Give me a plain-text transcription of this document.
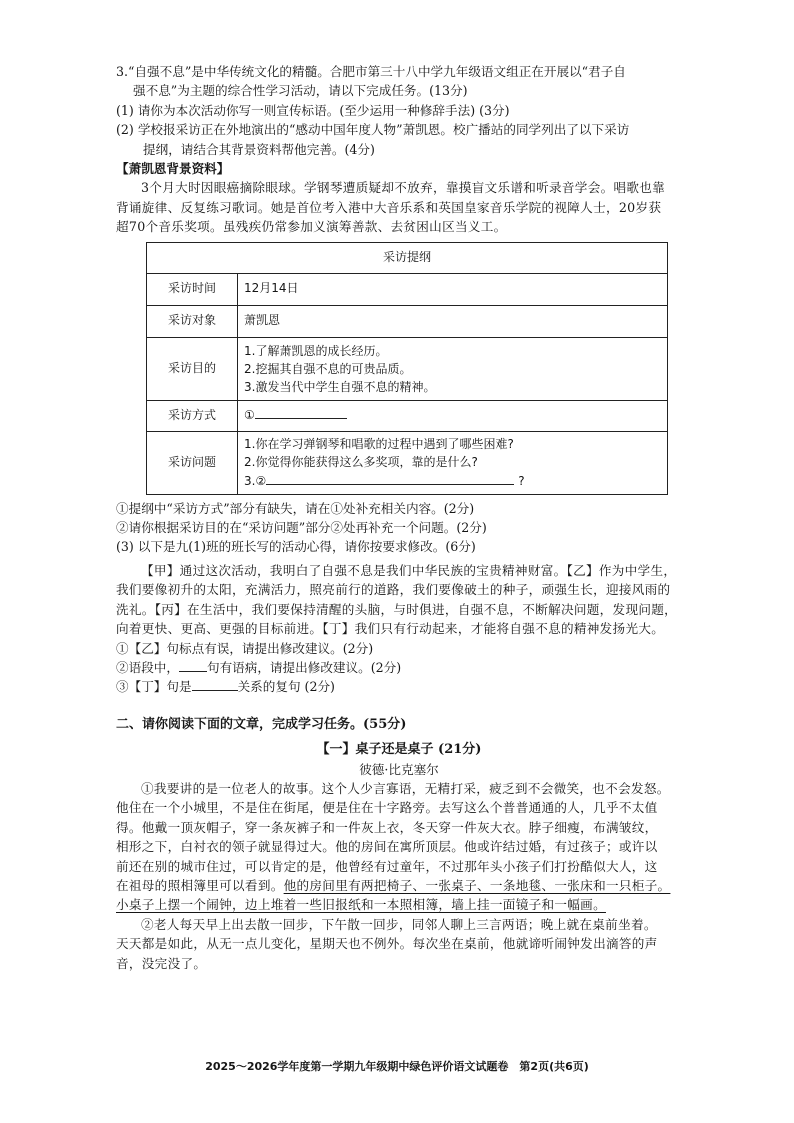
3.“自强不息”是中华传统文化的精髓。合肥市第三十八中学九年级语文组正在开展以“君子自
强不息”为主题的综合性学习活动，请以下完成任务。(13分)
(1) 请你为本次活动你写一则宣传标语。(至少运用一种修辞手法) (3分)
(2) 学校报采访正在外地演出的“感动中国年度人物”萧凯恩。校广播站的同学列出了以下采访
提纲，请结合其背景资料帮他完善。(4分)
【萧凯恩背景资料】
3个月大时因眼癌摘除眼球。学钢琴遭质疑却不放弃，靠摸盲文乐谱和听录音学会。唱歌也靠
背诵旋律、反复练习歌词。她是首位考入港中大音乐系和英国皇家音乐学院的视障人士，20岁获
超70个音乐奖项。虽残疾仍常参加义演筹善款、去贫困山区当义工。
采访提纲	
采访时间	12月14日
采访对象	萧凯恩
采访目的	1.了解萧凯恩的成长经历。
2.挖掘其自强不息的可贵品质。
3.激发当代中学生自强不息的精神。

采访方式	①
采访问题	1.你在学习弹钢琴和唱歌的过程中遇到了哪些困难?
2.你觉得你能获得这么多奖项，靠的是什么?
3.② ?
①提纲中“采访方式”部分有缺失，请在①处补充相关内容。(2分)
②请你根据采访目的在“采访问题”部分②处再补充一个问题。(2分)
(3) 以下是九(1)班的班长写的活动心得，请你按要求修改。(6分)
【甲】通过这次活动，我明白了自强不息是我们中华民族的宝贵精神财富。【乙】作为中学生，
我们要像初升的太阳，充满活力，照亮前行的道路，我们要像破土的种子，顽强生长，迎接风雨的
洗礼。【丙】在生活中，我们要保持清醒的头脑，与时俱进，自强不息，不断解决问题，发现问题，
向着更快、更高、更强的目标前进。【丁】我们只有行动起来，才能将自强不息的精神发扬光大。
①【乙】句标点有误，请提出修改建议。(2分)
②语段中， 句有语病，请提出修改建议。(2分)
③【丁】句是	关系的复句 (2分)
二、请你阅读下面的文章，完成学习任务。(55分)
【一】桌子还是桌子 (21分)
彼德·比克塞尔
①我要讲的是一位老人的故事。这个人少言寡语，无精打采，疲乏到不会微笑，也不会发怒。
他住在一个小城里，不是住在街尾，便是住在十字路旁。去写这么个普普通通的人，几乎不太值
得。他戴一顶灰帽子，穿一条灰裤子和一件灰上衣，冬天穿一件灰大衣。脖子细瘦，布满皱纹，
相形之下，白衬衣的领子就显得过大。他的房间在寓所顶层。他或许结过婚，有过孩子；或许以
前还在别的城市住过，可以肯定的是，他曾经有过童年，不过那年头小孩子们打扮酷似大人，这
在祖母的照相簿里可以看到。他的房间里有两把椅子、一张桌子、一条地毯、一张床和一只柜子。
小桌子上摆一个闹钟，边上堆着一些旧报纸和一本照相簿，墙上挂一面镜子和一幅画。
②老人每天早上出去散一回步，下午散一回步，同邻人聊上三言两语；晚上就在桌前坐着。
天天都是如此，从无一点儿变化，星期天也不例外。每次坐在桌前，他就谛听闹钟发出滴答的声
音，没完没了。
2025～2026学年度第一学期九年级期中绿色评价语文试题卷　第2页(共6页)
